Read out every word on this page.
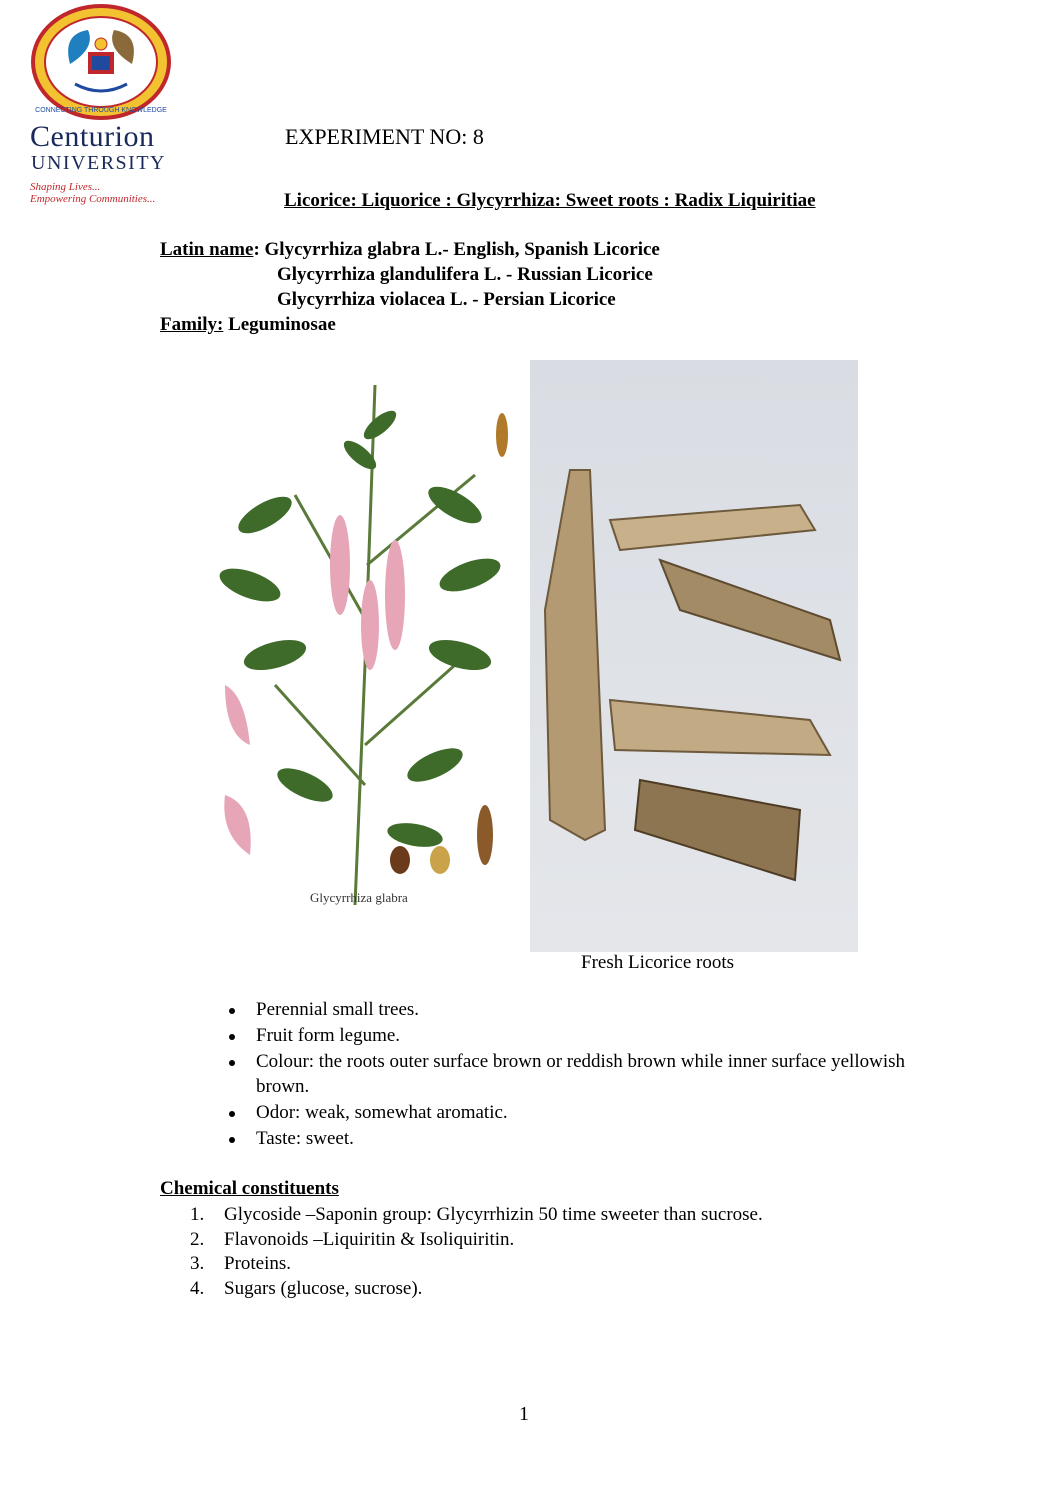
CONNECTING THROUGH KNOWLEDGE
Centurion
UNIVERSITY
Shaping Lives...
Empowering Communities...
EXPERIMENT NO: 8
Licorice: Liquorice : Glycyrrhiza: Sweet roots : Radix Liquiritiae
Latin name: Glycyrrhiza glabra L.- English, Spanish Licorice
Glycyrrhiza glandulifera L. - Russian Licorice
Glycyrrhiza violacea L. - Persian Licorice
Family: Leguminosae
Glycyrrhiza glabra
Fresh Licorice roots
Perennial small trees.
Fruit form legume.
Colour: the roots outer surface brown or reddish brown while inner surface yellowish brown.
Odor: weak, somewhat aromatic.
Taste: sweet.
Chemical constituents
1. Glycoside –Saponin group: Glycyrrhizin 50 time sweeter than sucrose.
2. Flavonoids –Liquiritin & Isoliquiritin.
3. Proteins.
4. Sugars (glucose, sucrose).
1
